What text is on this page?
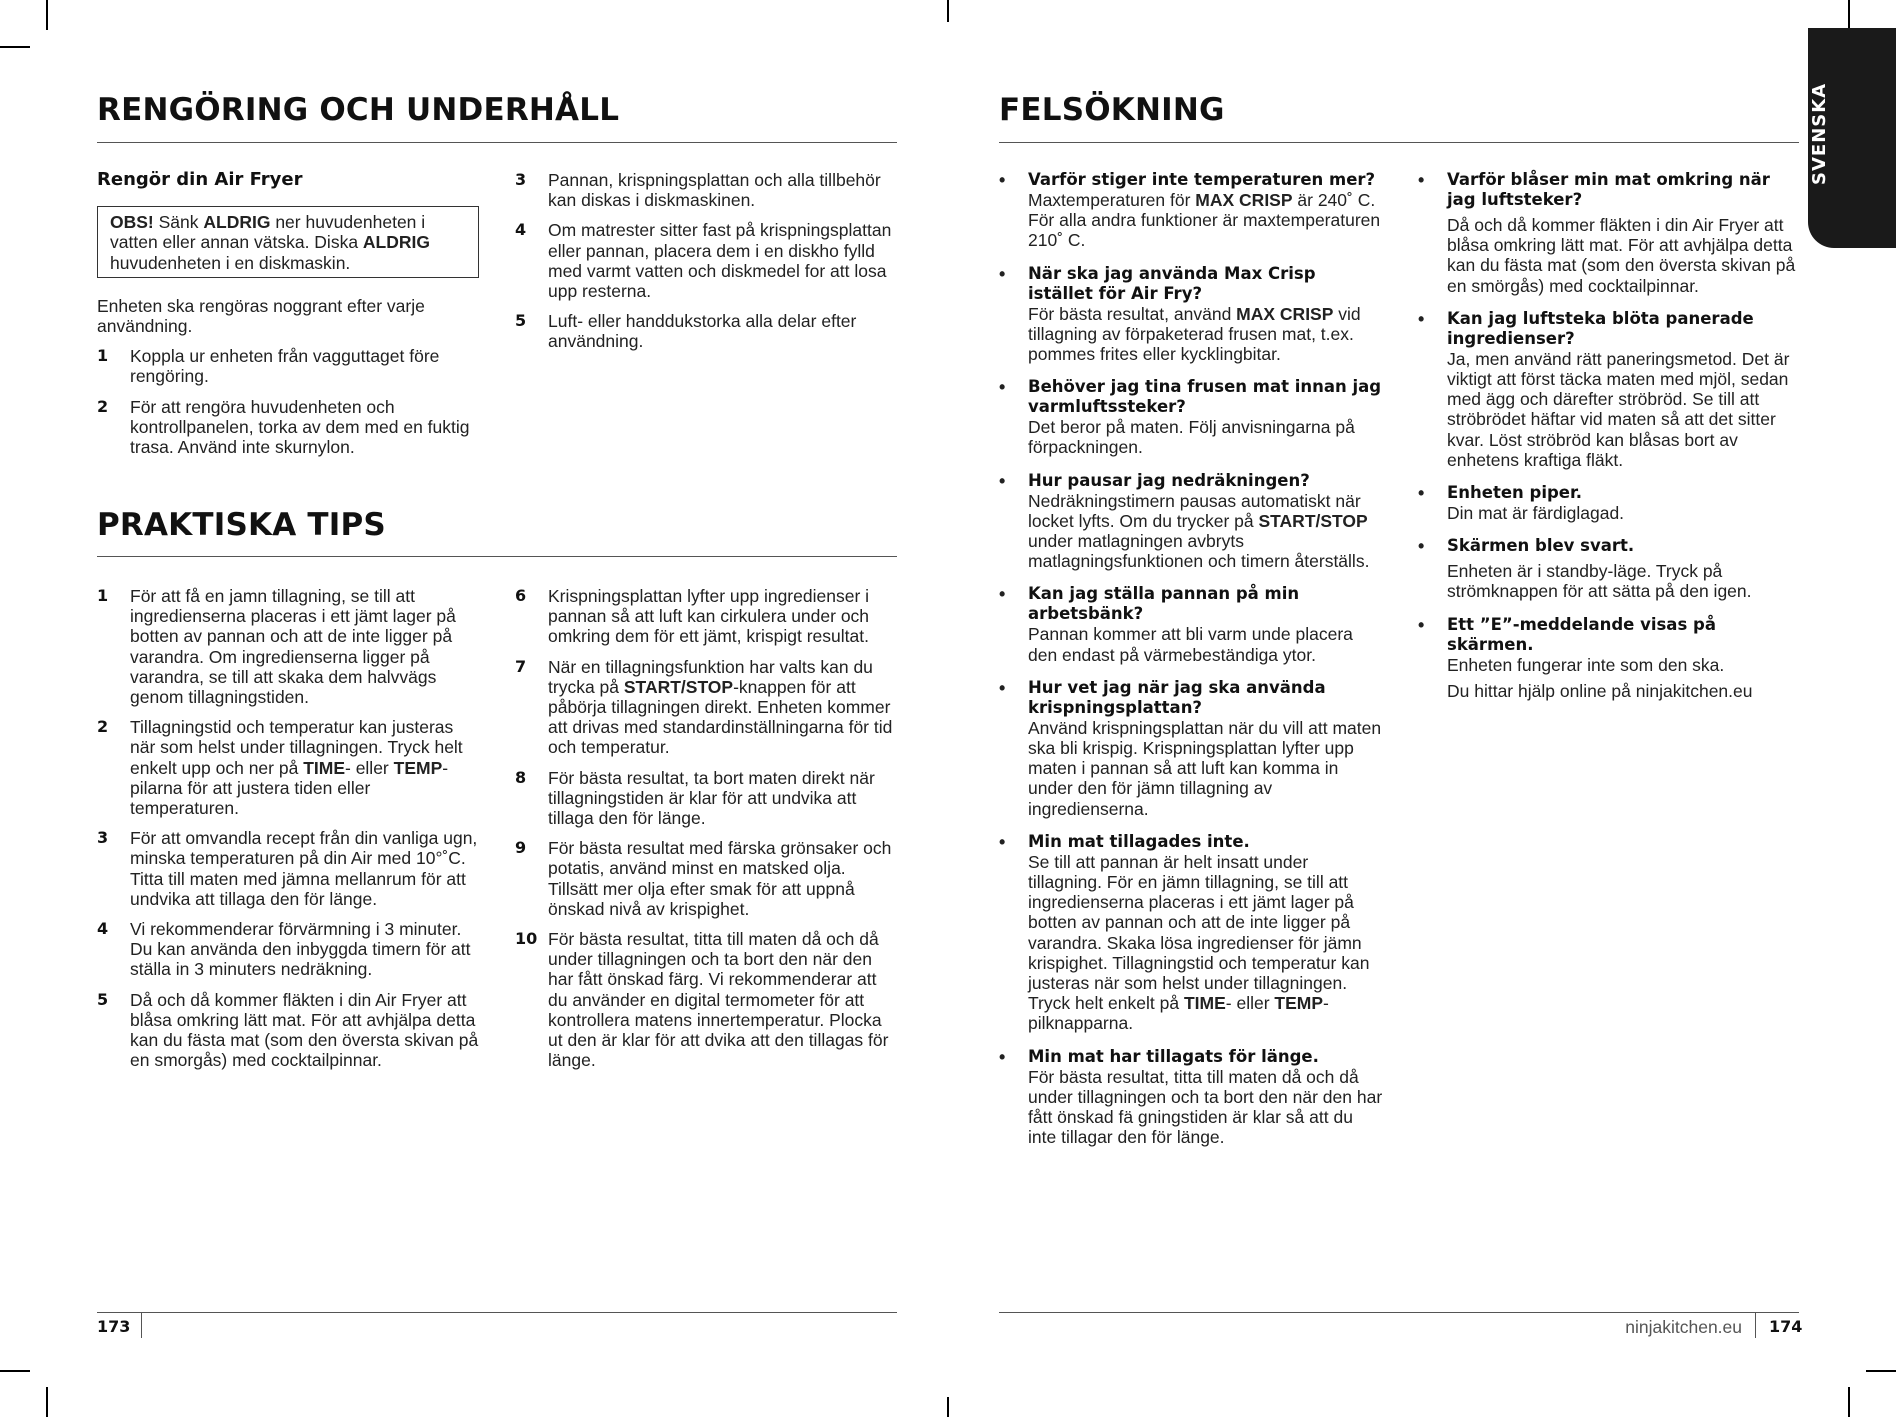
SVENSKA
RENGÖRING OCH UNDERHÅLL
Rengör din Air Fryer
OBS! Sänk ALDRIG ner huvudenheten i vatten eller annan vätska. Diska ALDRIG huvudenheten i en diskmaskin.
Enheten ska rengöras noggrant efter varje användning.
1 Koppla ur enheten från vagguttaget före rengöring.
2 För att rengöra huvudenheten och kontrollpanelen, torka av dem med en fuktig trasa. Använd inte skurnylon.
3 Pannan, krispningsplattan och alla tillbehör kan diskas i diskmaskinen.
4 Om matrester sitter fast på krispningsplattan eller pannan, placera dem i en diskho fylld med varmt vatten och diskmedel for att losa upp resterna.
5 Luft- eller handdukstorka alla delar efter användning.
PRAKTISKA TIPS
1 För att få en jamn tillagning, se till att ingredienserna placeras i ett jämt lager på botten av pannan och att de inte ligger på varandra. Om ingredienserna ligger på varandra, se till att skaka dem halvvägs genom tillagningstiden.
2 Tillagningstid och temperatur kan justeras när som helst under tillagningen. Tryck helt enkelt upp och ner på TIME- eller TEMP-pilarna för att justera tiden eller temperaturen.
3 För att omvandla recept från din vanliga ugn, minska temperaturen på din Air med 10°˚C. Titta till maten med jämna mellanrum för att undvika att tillaga den för länge.
4 Vi rekommenderar förvärmning i 3 minuter. Du kan använda den inbyggda timern för att ställa in 3 minuters nedräkning.
5 Då och då kommer fläkten i din Air Fryer att blåsa omkring lätt mat. För att avhjälpa detta kan du fästa mat (som den översta skivan på en smorgås) med cocktailpinnar.
6 Krispningsplattan lyfter upp ingredienser i pannan så att luft kan cirkulera under och omkring dem för ett jämt, krispigt resultat.
7 När en tillagningsfunktion har valts kan du trycka på START/STOP-knappen för att påbörja tillagningen direkt. Enheten kommer att drivas med standardinställningarna för tid och temperatur.
8 För bästa resultat, ta bort maten direkt när tillagningstiden är klar för att undvika att tillaga den för länge.
9 För bästa resultat med färska grönsaker och potatis, använd minst en matsked olja. Tillsätt mer olja efter smak för att uppnå önskad nivå av krispighet.
10 För bästa resultat, titta till maten då och då under tillagningen och ta bort den när den har fått önskad färg. Vi rekommenderar att du använder en digital termometer för att kontrollera matens innertemperatur. Plocka ut den är klar för att dvika att den tillagas för länge.
173
FELSÖKNING
• Varför stiger inte temperaturen mer?
Maxtemperaturen för MAX CRISP är 240˚ C. För alla andra funktioner är maxtemperaturen 210˚ C.
• När ska jag använda Max Crisp istället för Air Fry?
För bästa resultat, använd MAX CRISP vid tillagning av förpaketerad frusen mat, t.ex. pommes frites eller kycklingbitar.
• Behöver jag tina frusen mat innan jag varmluftssteker?
Det beror på maten. Följ anvisningarna på förpackningen.
• Hur pausar jag nedräkningen?
Nedräkningstimern pausas automatiskt när locket lyfts. Om du trycker på START/STOP under matlagningen avbryts matlagningsfunktionen och timern återställs.
• Kan jag ställa pannan på min arbetsbänk?
Pannan kommer att bli varm unde placera den endast på värmebeständiga ytor.
• Hur vet jag när jag ska använda krispningsplattan?
Använd krispningsplattan när du vill att maten ska bli krispig. Krispningsplattan lyfter upp maten i pannan så att luft kan komma in under den för jämn tillagning av ingredienserna.
• Min mat tillagades inte.
Se till att pannan är helt insatt under tillagning. För en jämn tillagning, se till att ingredienserna placeras i ett jämt lager på botten av pannan och att de inte ligger på varandra. Skaka lösa ingredienser för jämn krispighet. Tillagningstid och temperatur kan justeras när som helst under tillagningen. Tryck helt enkelt på TIME- eller TEMP-pilknapparna.
• Min mat har tillagats för länge.
För bästa resultat, titta till maten då och då under tillagningen och ta bort den när den har fått önskad fä gningstiden är klar så att du inte tillagar den för länge.
• Varför blåser min mat omkring när jag luftsteker?
Då och då kommer fläkten i din Air Fryer att blåsa omkring lätt mat. För att avhjälpa detta kan du fästa mat (som den översta skivan på en smörgås) med cocktailpinnar.
• Kan jag luftsteka blöta panerade ingredienser?
Ja, men använd rätt paneringsmetod. Det är viktigt att först täcka maten med mjöl, sedan med ägg och därefter ströbröd. Se till att ströbrödet häftar vid maten så att det sitter kvar. Löst ströbröd kan blåsas bort av enhetens kraftiga fläkt.
• Enheten piper.
Din mat är färdiglagad.
• Skärmen blev svart.
Enheten är i standby-läge. Tryck på strömknappen för att sätta på den igen.
• Ett ”E”-meddelande visas på skärmen.
Enheten fungerar inte som den ska.
Du hittar hjälp online på ninjakitchen.eu
ninjakitchen.eu 174
